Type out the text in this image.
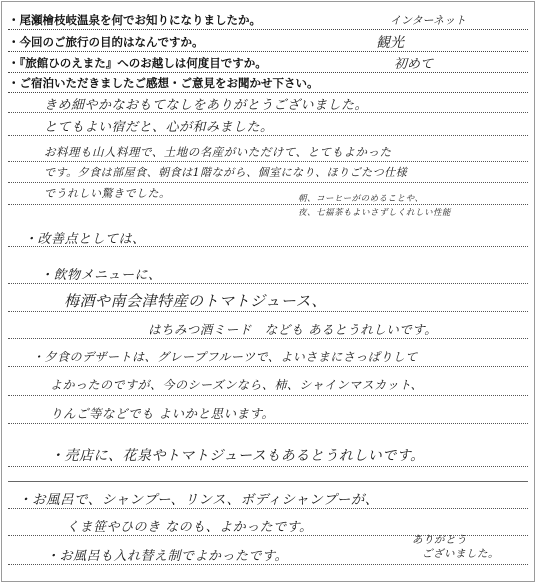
・尾瀬檜枝岐温泉を何でお知りになりましたか。	インターネット
・今回のご旅行の目的はなんですか。	観光
・『旅館ひのえまた』へのお越しは何度目ですか。	初めて
・ご宿泊いただきましたご感想・ご意見をお聞かせ下さい。
きめ細やかなおもてなしをありがとうございました。
とてもよい宿だと、心が和みました。
お料理も山人料理で、土地の名産がいただけて、とてもよかった
です。夕食は部屋食、朝食は1階ながら、個室になり、ほりごたつ仕様
でうれしい驚きでした。	朝、コーヒーがのめることや、
夜、七福茶もよいさずしくれしい性能
・改善点としては、
・飲物メニューに、
梅酒や南会津特産のトマトジュース、
はちみつ酒ミード　なども あるとうれしいです。
・夕食のデザートは、グレープフルーツで、よいさまにさっぱりして
よかったのですが、今のシーズンなら、柿、シャインマスカット、
りんご等などでも よいかと思います。
・売店に、花泉やトマトジュースもあるとうれしいです。
・お風呂で、シャンプー、リンス、ボディシャンプーが、
くま笹やひのき なのも、よかったです。
・お風呂も入れ替え制でよかったです。
ありがとう
ございました。
